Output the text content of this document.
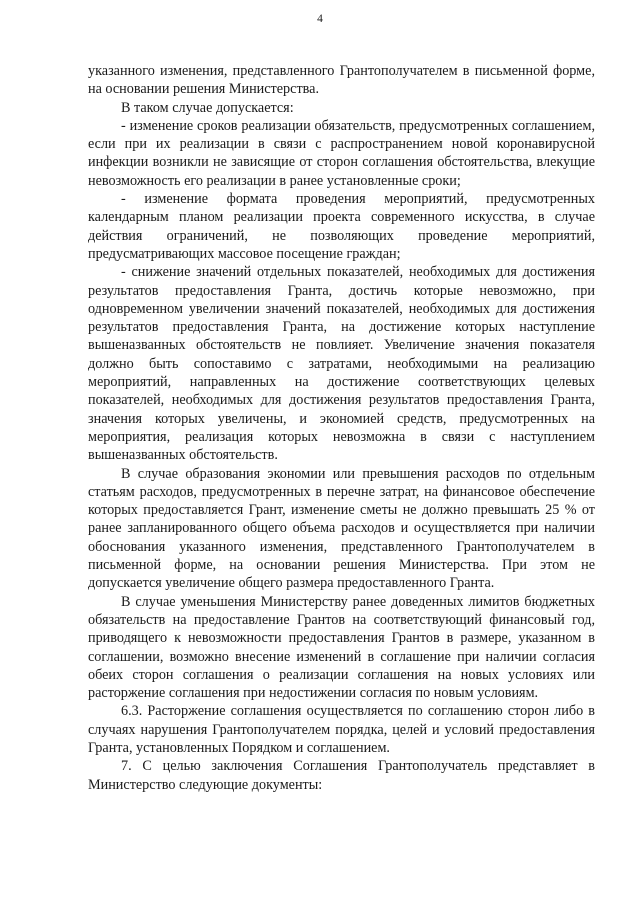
4

указанного изменения, представленного Грантополучателем в письменной форме, на основании решения Министерства.

В таком случае допускается:

- изменение сроков реализации обязательств, предусмотренных соглашением, если при их реализации в связи с распространением новой коронавирусной инфекции возникли не зависящие от сторон соглашения обстоятельства, влекущие невозможность его реализации в ранее установленные сроки;

- изменение формата проведения мероприятий, предусмотренных календарным планом реализации проекта современного искусства, в случае действия ограничений, не позволяющих проведение мероприятий, предусматривающих массовое посещение граждан;

- снижение значений отдельных показателей, необходимых для достижения результатов предоставления Гранта, достичь которые невозможно, при одновременном увеличении значений показателей, необходимых для достижения результатов предоставления Гранта, на достижение которых наступление вышеназванных обстоятельств не повлияет. Увеличение значения показателя должно быть сопоставимо с затратами, необходимыми на реализацию мероприятий, направленных на достижение соответствующих целевых показателей, необходимых для достижения результатов предоставления Гранта, значения которых увеличены, и экономией средств, предусмотренных на мероприятия, реализация которых невозможна в связи с наступлением вышеназванных обстоятельств.

В случае образования экономии или превышения расходов по отдельным статьям расходов, предусмотренных в перечне затрат, на финансовое обеспечение которых предоставляется Грант, изменение сметы не должно превышать 25 % от ранее запланированного общего объема расходов и осуществляется при наличии обоснования указанного изменения, представленного Грантополучателем в письменной форме, на основании решения Министерства. При этом не допускается увеличение общего размера предоставленного Гранта.

В случае уменьшения Министерству ранее доведенных лимитов бюджетных обязательств на предоставление Грантов на соответствующий финансовый год, приводящего к невозможности предоставления Грантов в размере, указанном в соглашении, возможно внесение изменений в соглашение при наличии согласия обеих сторон соглашения о реализации соглашения на новых условиях или расторжение соглашения при недостижении согласия по новым условиям.

6.3. Расторжение соглашения осуществляется по соглашению сторон либо в случаях нарушения Грантополучателем порядка, целей и условий предоставления Гранта, установленных Порядком и соглашением.

7. С целью заключения Соглашения Грантополучатель представляет в Министерство следующие документы:
